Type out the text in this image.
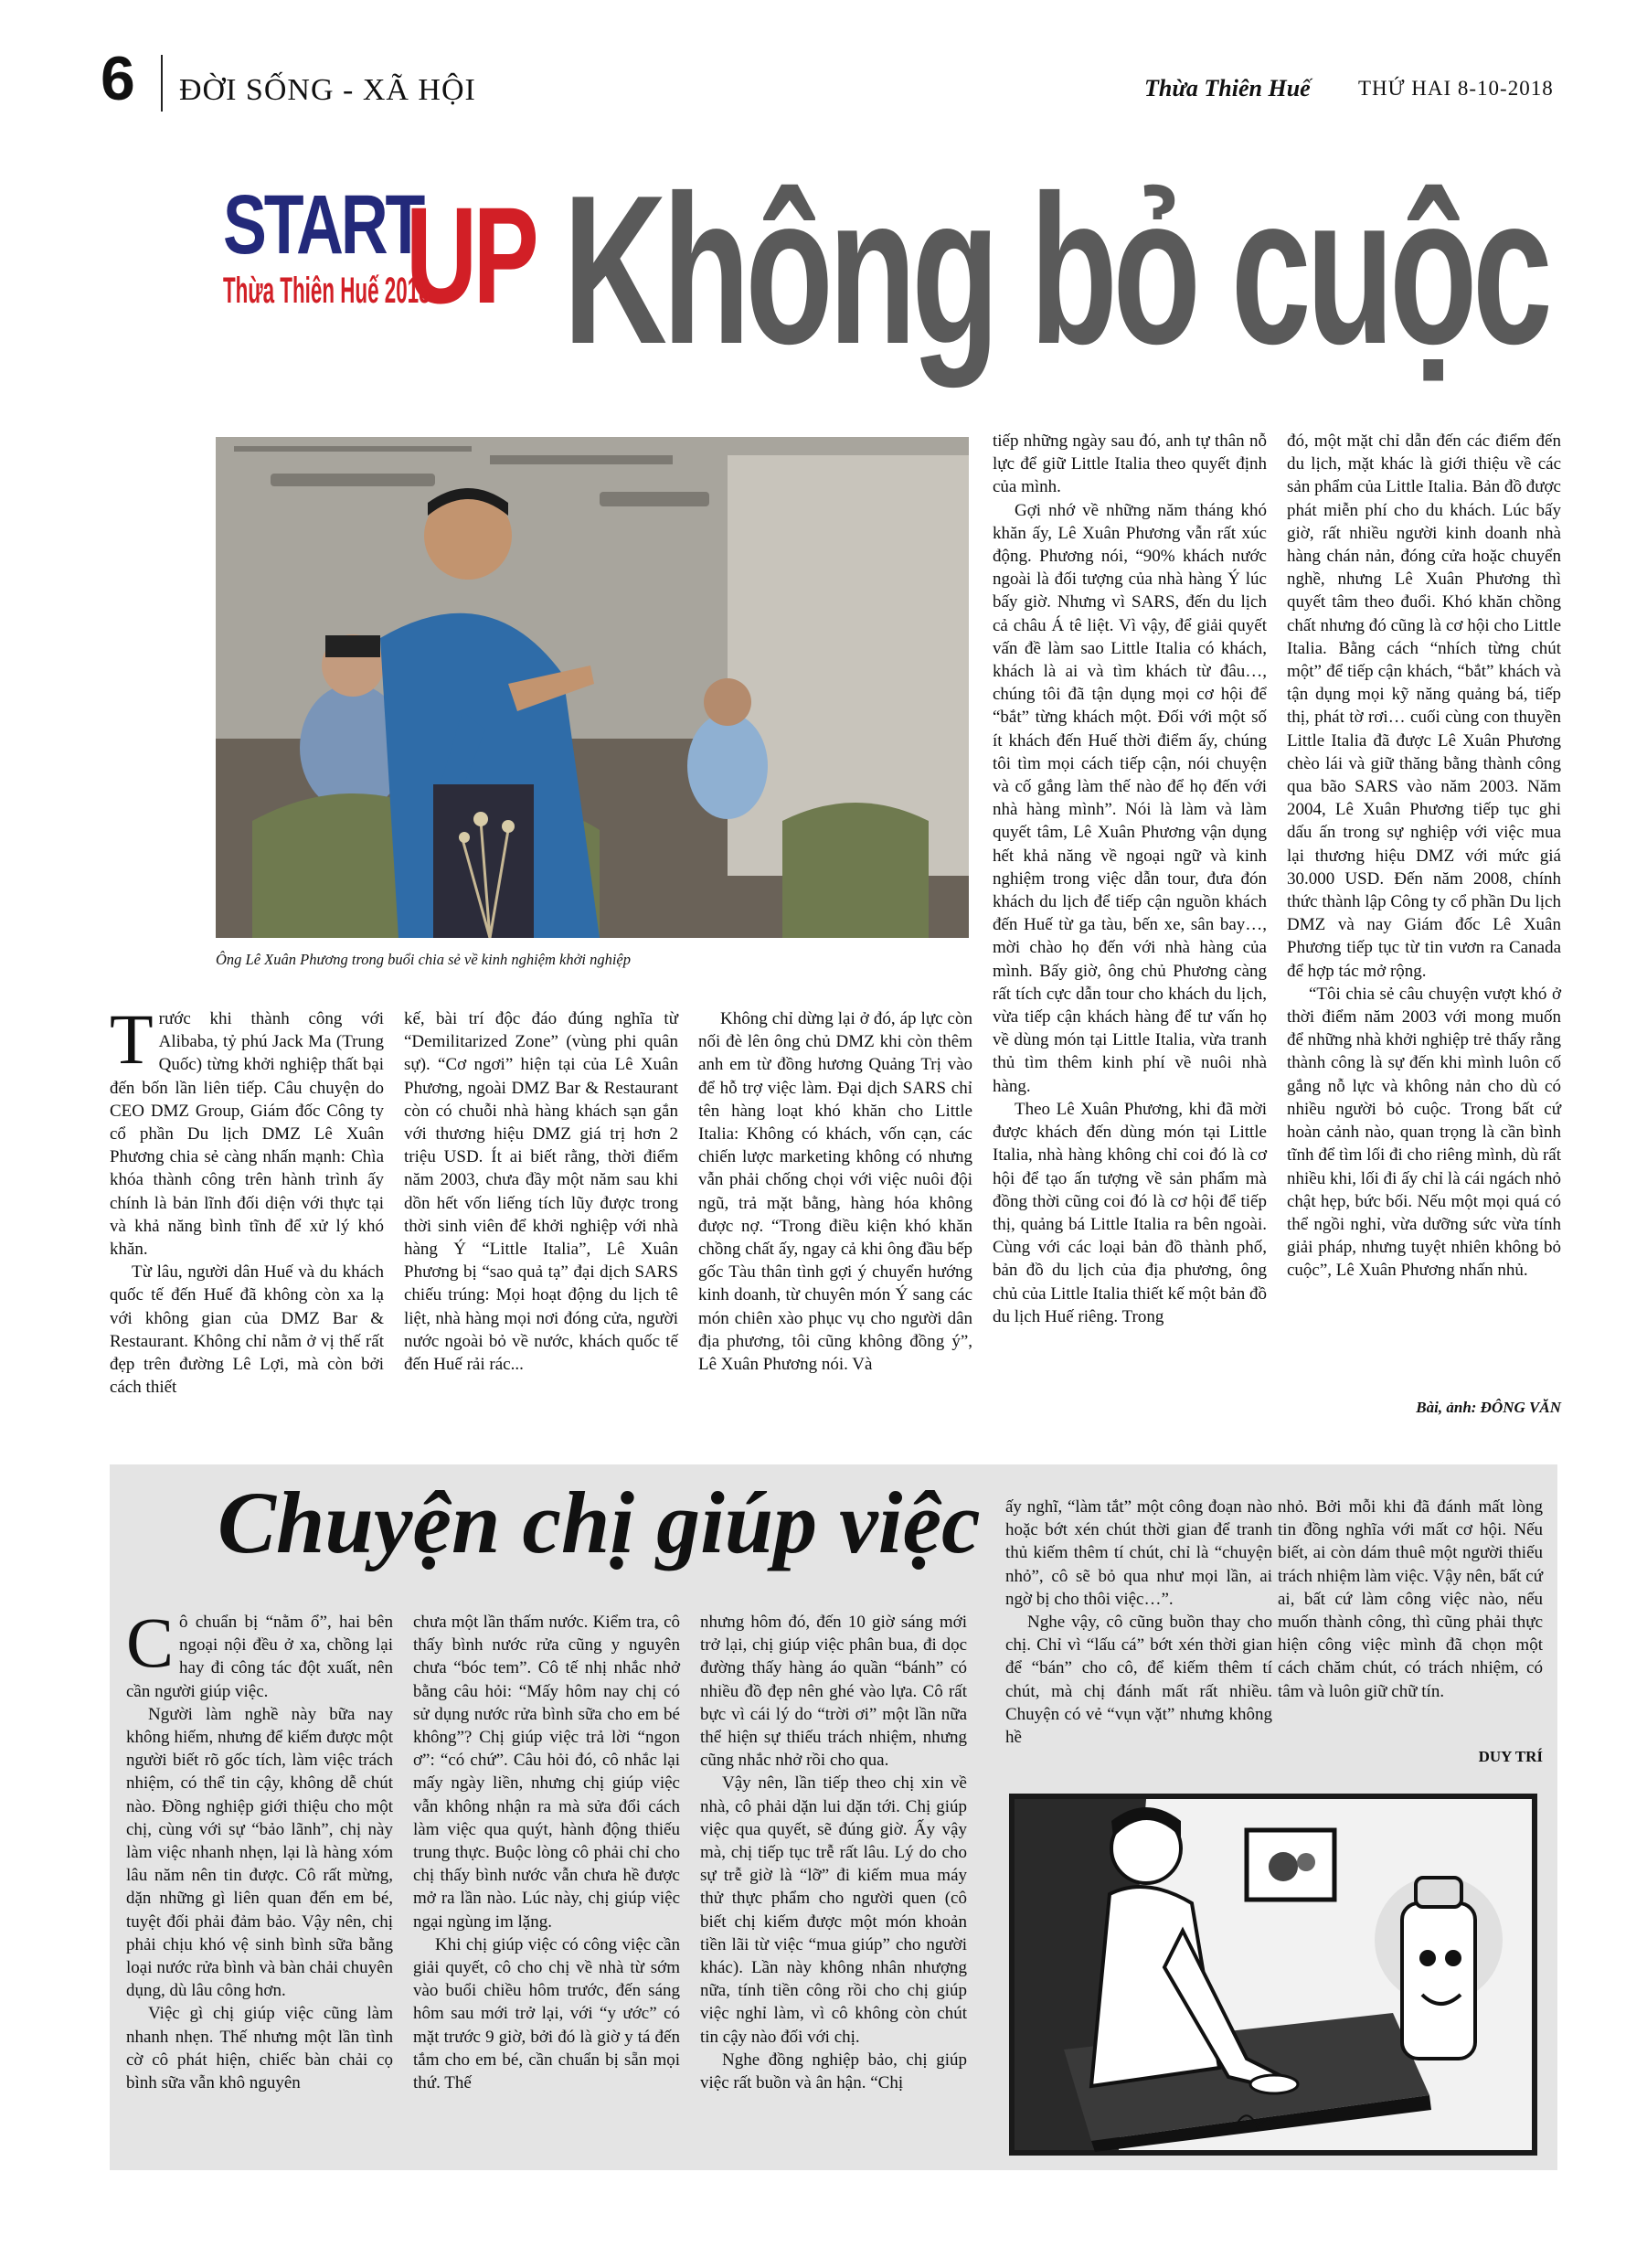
6 ĐỜI SỐNG - XÃ HỘI	Thừa Thiên Huế THỨ HAI 8-10-2018
START
UP
Thừa Thiên Huế 2018 Không bỏ cuộc
Ông Lê Xuân Phương trong buổi chia sẻ về kinh nghiệm khởi nghiệp

Trước khi thành công với Alibaba, tỷ phú Jack Ma (Trung Quốc) từng khởi nghiệp thất bại đến bốn lần liên tiếp. Câu chuyện do CEO DMZ Group, Giám đốc Công ty cổ phần Du lịch DMZ Lê Xuân Phương chia sẻ càng nhấn mạnh: Chìa khóa thành công trên hành trình ấy chính là bản lĩnh đối diện với thực tại và khả năng bình tĩnh để xử lý khó khăn.

Từ lâu, người dân Huế và du khách quốc tế đến Huế đã không còn xa lạ với không gian của DMZ Bar & Restaurant. Không chỉ nằm ở vị thế rất đẹp trên đường Lê Lợi, mà còn bởi cách thiết

kế, bài trí độc đáo đúng nghĩa từ “Demilitarized Zone” (vùng phi quân sự). “Cơ ngơi” hiện tại của Lê Xuân Phương, ngoài DMZ Bar & Restaurant còn có chuỗi nhà hàng khách sạn gắn với thương hiệu DMZ giá trị hơn 2 triệu USD. Ít ai biết rằng, thời điểm năm 2003, chưa đầy một năm sau khi dồn hết vốn liếng tích lũy được trong thời sinh viên để khởi nghiệp với nhà hàng Ý “Little Italia”, Lê Xuân Phương bị “sao quả tạ” đại dịch SARS chiếu trúng: Mọi hoạt động du lịch tê liệt, nhà hàng mọi nơi đóng cửa, người nước ngoài bỏ về nước, khách quốc tế đến Huế rải rác...

Không chỉ dừng lại ở đó, áp lực còn nối đè lên ông chủ DMZ khi còn thêm anh em từ đồng hương Quảng Trị vào để hỗ trợ việc làm. Đại dịch SARS chỉ tên hàng loạt khó khăn cho Little Italia: Không có khách, vốn cạn, các chiến lược marketing không có nhưng vẫn phải chống chọi với việc nuôi đội ngũ, trả mặt bằng, hàng hóa không được nợ. “Trong điều kiện khó khăn chồng chất ấy, ngay cả khi ông đầu bếp gốc Tàu thân tình gợi ý chuyển hướng kinh doanh, từ chuyên món Ý sang các món chiên xào phục vụ cho người dân địa phương, tôi cũng không đồng ý”, Lê Xuân Phương nói. Và

tiếp những ngày sau đó, anh tự thân nỗ lực để giữ Little Italia theo quyết định của mình.

Gợi nhớ về những năm tháng khó khăn ấy, Lê Xuân Phương vẫn rất xúc động. Phương nói, “90% khách nước ngoài là đối tượng của nhà hàng Ý lúc bấy giờ. Nhưng vì SARS, đến du lịch cả châu Á tê liệt. Vì vậy, để giải quyết vấn đề làm sao Little Italia có khách, khách là ai và tìm khách từ đâu…, chúng tôi đã tận dụng mọi cơ hội để “bắt” từng khách một. Đối với một số ít khách đến Huế thời điểm ấy, chúng tôi tìm mọi cách tiếp cận, nói chuyện và cố gắng làm thế nào để họ đến với nhà hàng mình”. Nói là làm và làm quyết tâm, Lê Xuân Phương vận dụng hết khả năng về ngoại ngữ và kinh nghiệm trong việc dẫn tour, đưa đón khách du lịch để tiếp cận nguồn khách đến Huế từ ga tàu, bến xe, sân bay…, mời chào họ đến với nhà hàng của mình. Bấy giờ, ông chủ Phương càng rất tích cực dẫn tour cho khách du lịch, vừa tiếp cận khách hàng để tư vấn họ về dùng món tại Little Italia, vừa tranh thủ tìm thêm kinh phí về nuôi nhà hàng.

Theo Lê Xuân Phương, khi đã mời được khách đến dùng món tại Little Italia, nhà hàng không chỉ coi đó là cơ hội để tạo ấn tượng về sản phẩm mà đồng thời cũng coi đó là cơ hội để tiếp thị, quảng bá Little Italia ra bên ngoài. Cùng với các loại bản đồ thành phố, bản đồ du lịch của địa phương, ông chủ của Little Italia thiết kế một bản đồ du lịch Huế riêng. Trong

đó, một mặt chỉ dẫn đến các điểm đến du lịch, mặt khác là giới thiệu về các sản phẩm của Little Italia. Bản đồ được phát miễn phí cho du khách. Lúc bấy giờ, rất nhiều người kinh doanh nhà hàng chán nản, đóng cửa hoặc chuyển nghề, nhưng Lê Xuân Phương thì quyết tâm theo đuổi. Khó khăn chồng chất nhưng đó cũng là cơ hội cho Little Italia. Bằng cách “nhích từng chút một” để tiếp cận khách, “bắt” khách và tận dụng mọi kỹ năng quảng bá, tiếp thị, phát tờ rơi… cuối cùng con thuyền Little Italia đã được Lê Xuân Phương chèo lái và giữ thăng bằng thành công qua bão SARS vào năm 2003. Năm 2004, Lê Xuân Phương tiếp tục ghi dấu ấn trong sự nghiệp với việc mua lại thương hiệu DMZ với mức giá 30.000 USD. Đến năm 2008, chính thức thành lập Công ty cổ phần Du lịch DMZ và nay Giám đốc Lê Xuân Phương tiếp tục từ tin vươn ra Canada để hợp tác mở rộng.

“Tôi chia sẻ câu chuyện vượt khó ở thời điểm năm 2003 với mong muốn để những nhà khởi nghiệp trẻ thấy rằng thành công là sự đến khi mình luôn cố gắng nỗ lực và không nản cho dù có nhiều người bỏ cuộc. Trong bất cứ hoàn cảnh nào, quan trọng là cần bình tĩnh để tìm lối đi cho riêng mình, dù rất nhiều khi, lối đi ấy chỉ là cái ngách nhỏ chật hẹp, bức bối. Nếu một mọi quá có thể ngồi nghỉ, vừa dưỡng sức vừa tính giải pháp, nhưng tuyệt nhiên không bỏ cuộc”, Lê Xuân Phương nhấn nhủ.

Bài, ảnh: ĐÔNG VĂN
Chuyện chị giúp việc

Cô chuẩn bị “nằm ổ”, hai bên ngoại nội đều ở xa, chồng lại hay đi công tác đột xuất, nên cần người giúp việc.

Người làm nghề này bữa nay không hiếm, nhưng để kiếm được một người biết rõ gốc tích, làm việc trách nhiệm, có thể tin cậy, không dễ chút nào. Đồng nghiệp giới thiệu cho một chị, cùng với sự “bảo lãnh”, chị này làm việc nhanh nhẹn, lại là hàng xóm lâu năm nên tin được. Cô rất mừng, dặn những gì liên quan đến em bé, tuyệt đối phải đảm bảo. Vậy nên, chị phải chịu khó vệ sinh bình sữa bằng loại nước rửa bình và bàn chải chuyên dụng, dù lâu công hơn.

Việc gì chị giúp việc cũng làm nhanh nhẹn. Thế nhưng một lần tình cờ cô phát hiện, chiếc bàn chải cọ bình sữa vẫn khô nguyên

chưa một lần thấm nước. Kiểm tra, cô thấy bình nước rửa cũng y nguyên chưa “bóc tem”. Cô tế nhị nhắc nhở bằng câu hỏi: “Mấy hôm nay chị có sử dụng nước rửa bình sữa cho em bé không”? Chị giúp việc trả lời “ngon ơ”: “có chứ”. Câu hỏi đó, cô nhắc lại mấy ngày liền, nhưng chị giúp việc vẫn không nhận ra mà sửa đổi cách làm việc qua quýt, hành động thiếu trung thực. Buộc lòng cô phải chỉ cho chị thấy bình nước vẫn chưa hề được mở ra lần nào. Lúc này, chị giúp việc ngại ngùng im lặng.

Khi chị giúp việc có công việc cần giải quyết, cô cho chị về nhà từ sớm vào buổi chiều hôm trước, đến sáng hôm sau mới trở lại, với “y ước” có mặt trước 9 giờ, bởi đó là giờ y tá đến tắm cho em bé, cần chuẩn bị sẵn mọi thứ. Thế

nhưng hôm đó, đến 10 giờ sáng mới trở lại, chị giúp việc phân bua, đi dọc đường thấy hàng áo quần “bánh” có nhiều đồ đẹp nên ghé vào lựa. Cô rất bực vì cái lý do “trời ơi” một lần nữa thể hiện sự thiếu trách nhiệm, nhưng cũng nhắc nhở rồi cho qua.

Vậy nên, lần tiếp theo chị xin về nhà, cô phải dặn lui dặn tới. Chị giúp việc qua quyết, sẽ đúng giờ. Ấy vậy mà, chị tiếp tục trễ rất lâu. Lý do cho sự trễ giờ là “lỡ” đi kiếm mua máy thử thực phẩm cho người quen (cô biết chị kiếm được một món khoản tiền lãi từ việc “mua giúp” cho người khác). Lần này không nhân nhượng nữa, tính tiền công rồi cho chị giúp việc nghỉ làm, vì cô không còn chút tin cậy nào đối với chị.

Nghe đồng nghiệp bảo, chị giúp việc rất buồn và ân hận. “Chị

ấy nghĩ, “làm tắt” một công đoạn nào hoặc bớt xén chút thời gian để tranh thủ kiếm thêm tí chút, chỉ là “chuyện nhỏ”, cô sẽ bỏ qua như mọi lần, ai ngờ bị cho thôi việc…”.

Nghe vậy, cô cũng buồn thay cho chị. Chỉ vì “lấu cá” bớt xén thời gian để “bán” cho cô, để kiếm thêm tí chút, mà chị đánh mất rất nhiều. Chuyện có vẻ “vụn vặt” nhưng không hề

nhỏ. Bởi mỗi khi đã đánh mất lòng tin đồng nghĩa với mất cơ hội. Nếu biết, ai còn dám thuê một người thiếu trách nhiệm làm việc. Vậy nên, bất cứ ai, bất cứ làm công việc nào, nếu muốn thành công, thì cũng phải thực hiện công việc mình đã chọn một cách chăm chút, có trách nhiệm, có tâm và luôn giữ chữ tín.

DUY TRÍ
